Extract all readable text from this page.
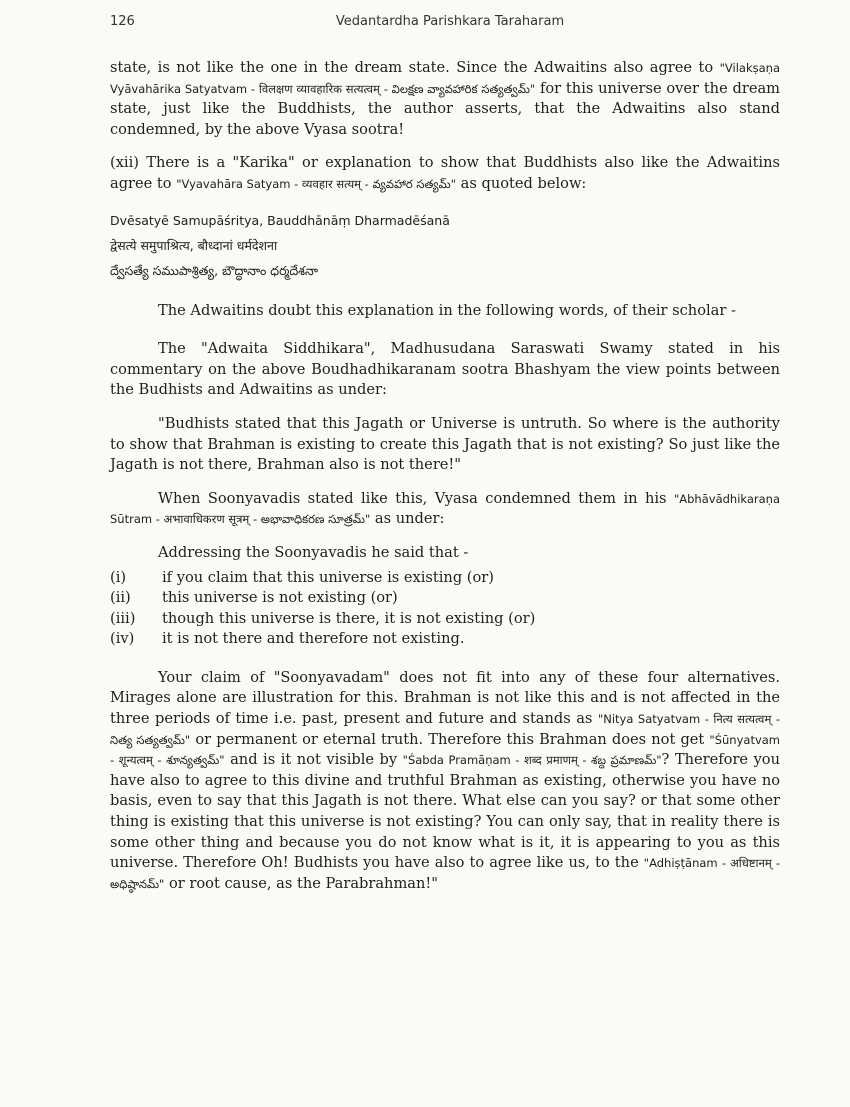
126	Vedantardha Parishkara Taraharam

state, is not like the one in the dream state. Since the Adwaitins also agree to "Vilakṣaṇa Vyāvahārika Satyatvam - विलक्षण व्यावहारिक सत्यत्वम् - విలక్షణ వ్యావహారిక సత్యత్వమ్" for this universe over the dream state, just like the Buddhists, the author asserts, that the Adwaitins also stand condemned, by the above Vyasa sootra!

(xii) There is a "Karika" or explanation to show that Buddhists also like the Adwaitins agree to "Vyavahāra Satyam - व्यवहार सत्यम् - వ్యవహార సత్యమ్" as quoted below:

Dvēsatyē Samupāśritya, Bauddhānāṃ Dharmadēśanā
द्वेसत्ये समुपाश्रित्य, बौध्दानां धर्मदेशना
ద్వేసత్యే సముపాశ్రిత్య, బౌద్ధానాం ధర్మదేశనా

The Adwaitins doubt this explanation in the following words, of their scholar -

The "Adwaita Siddhikara", Madhusudana Saraswati Swamy stated in his commentary on the above Boudhadhikaranam sootra Bhashyam the view points between the Budhists and Adwaitins as under:

"Budhists stated that this Jagath or Universe is untruth. So where is the authority to show that Brahman is existing to create this Jagath that is not existing? So just like the Jagath is not there, Brahman also is not there!"

When Soonyavadis stated like this, Vyasa condemned them in his "Abhāvādhikaraṇa Sūtram - अभावाधिकरण सूत्रम् - అభావాధికరణ సూత్రమ్" as under:

Addressing the Soonyavadis he said that -

(i)	if you claim that this universe is existing (or)
(ii)	this universe is not existing (or)
(iii)	though this universe is there, it is not existing (or)
(iv)	it is not there and therefore not existing.

Your claim of "Soonyavadam" does not fit into any of these four alternatives. Mirages alone are illustration for this. Brahman is not like this and is not affected in the three periods of time i.e. past, present and future and stands as "Nitya Satyatvam - नित्य सत्यत्वम् - నిత్య సత్యత్వమ్" or permanent or eternal truth. Therefore this Brahman does not get "Śūnyatvam - शून्यत्वम् - శూన్యత్వమ్" and is it not visible by "Śabda Pramāṇam - शब्द प्रमाणम् - శబ్ద ప్రమాణమ్"? Therefore you have also to agree to this divine and truthful Brahman as existing, otherwise you have no basis, even to say that this Jagath is not there. What else can you say? or that some other thing is existing that this universe is not existing? You can only say, that in reality there is some other thing and because you do not know what is it, it is appearing to you as this universe. Therefore Oh! Budhists you have also to agree like us, to the "Adhiṣṭānam - अधिष्टानम् - అధిష్ఠానమ్" or root cause, as the Parabrahman!"
